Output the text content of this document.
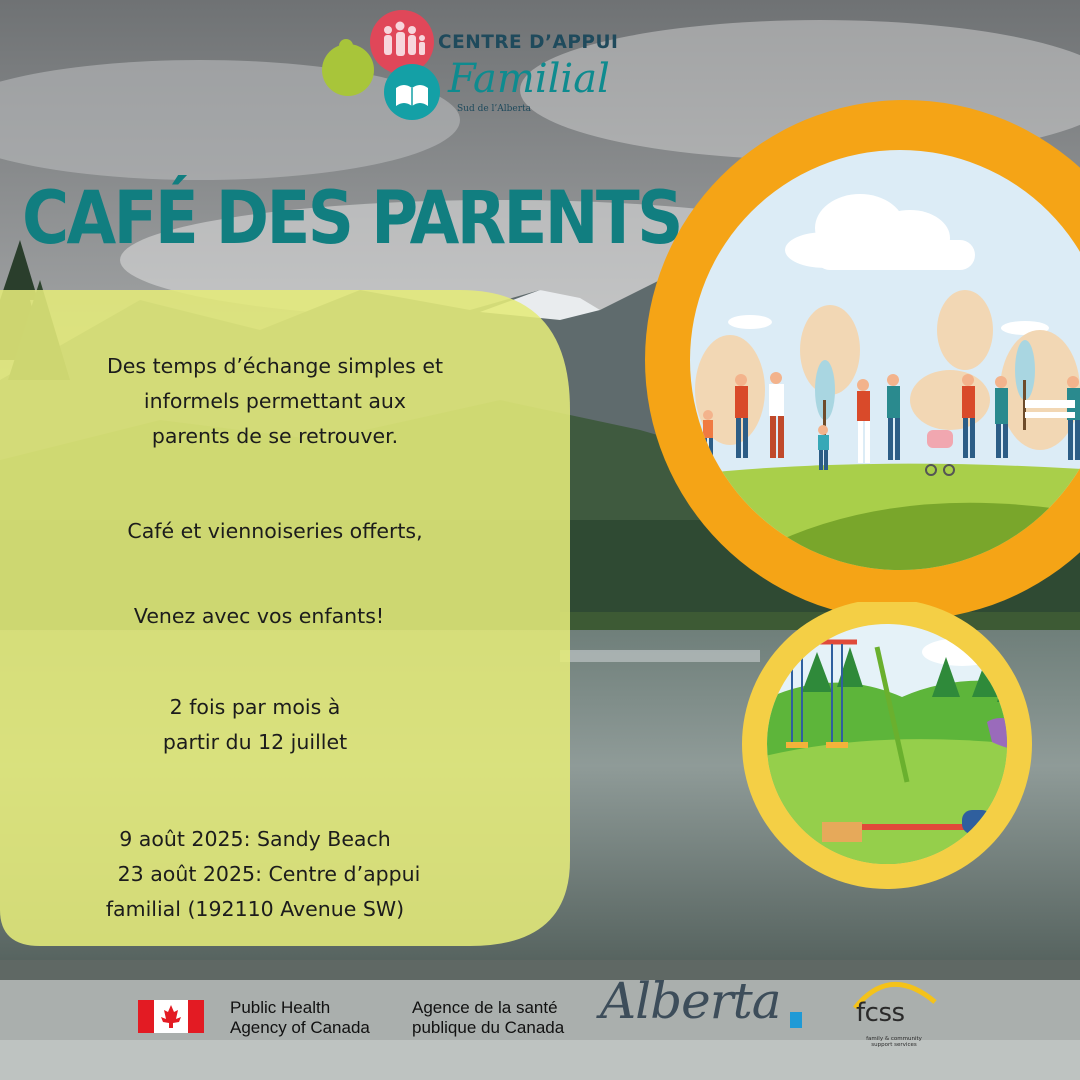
CENTRE D’APPUI
Familial
Sud de l’Alberta
CAFÉ DES PARENTS
Des temps d’échange simples et
informels permettant aux
parents de se retrouver.
Café et viennoiseries offerts,
Venez avec vos enfants!
2 fois par mois à
partir du 12 juillet
9 août 2025: Sandy Beach
23 août 2025: Centre d’appui
familial (192110 Avenue SW)
Public Health
Agency of Canada
Agence de la santé
publique du Canada Alberta	fcss
family & community
support services
